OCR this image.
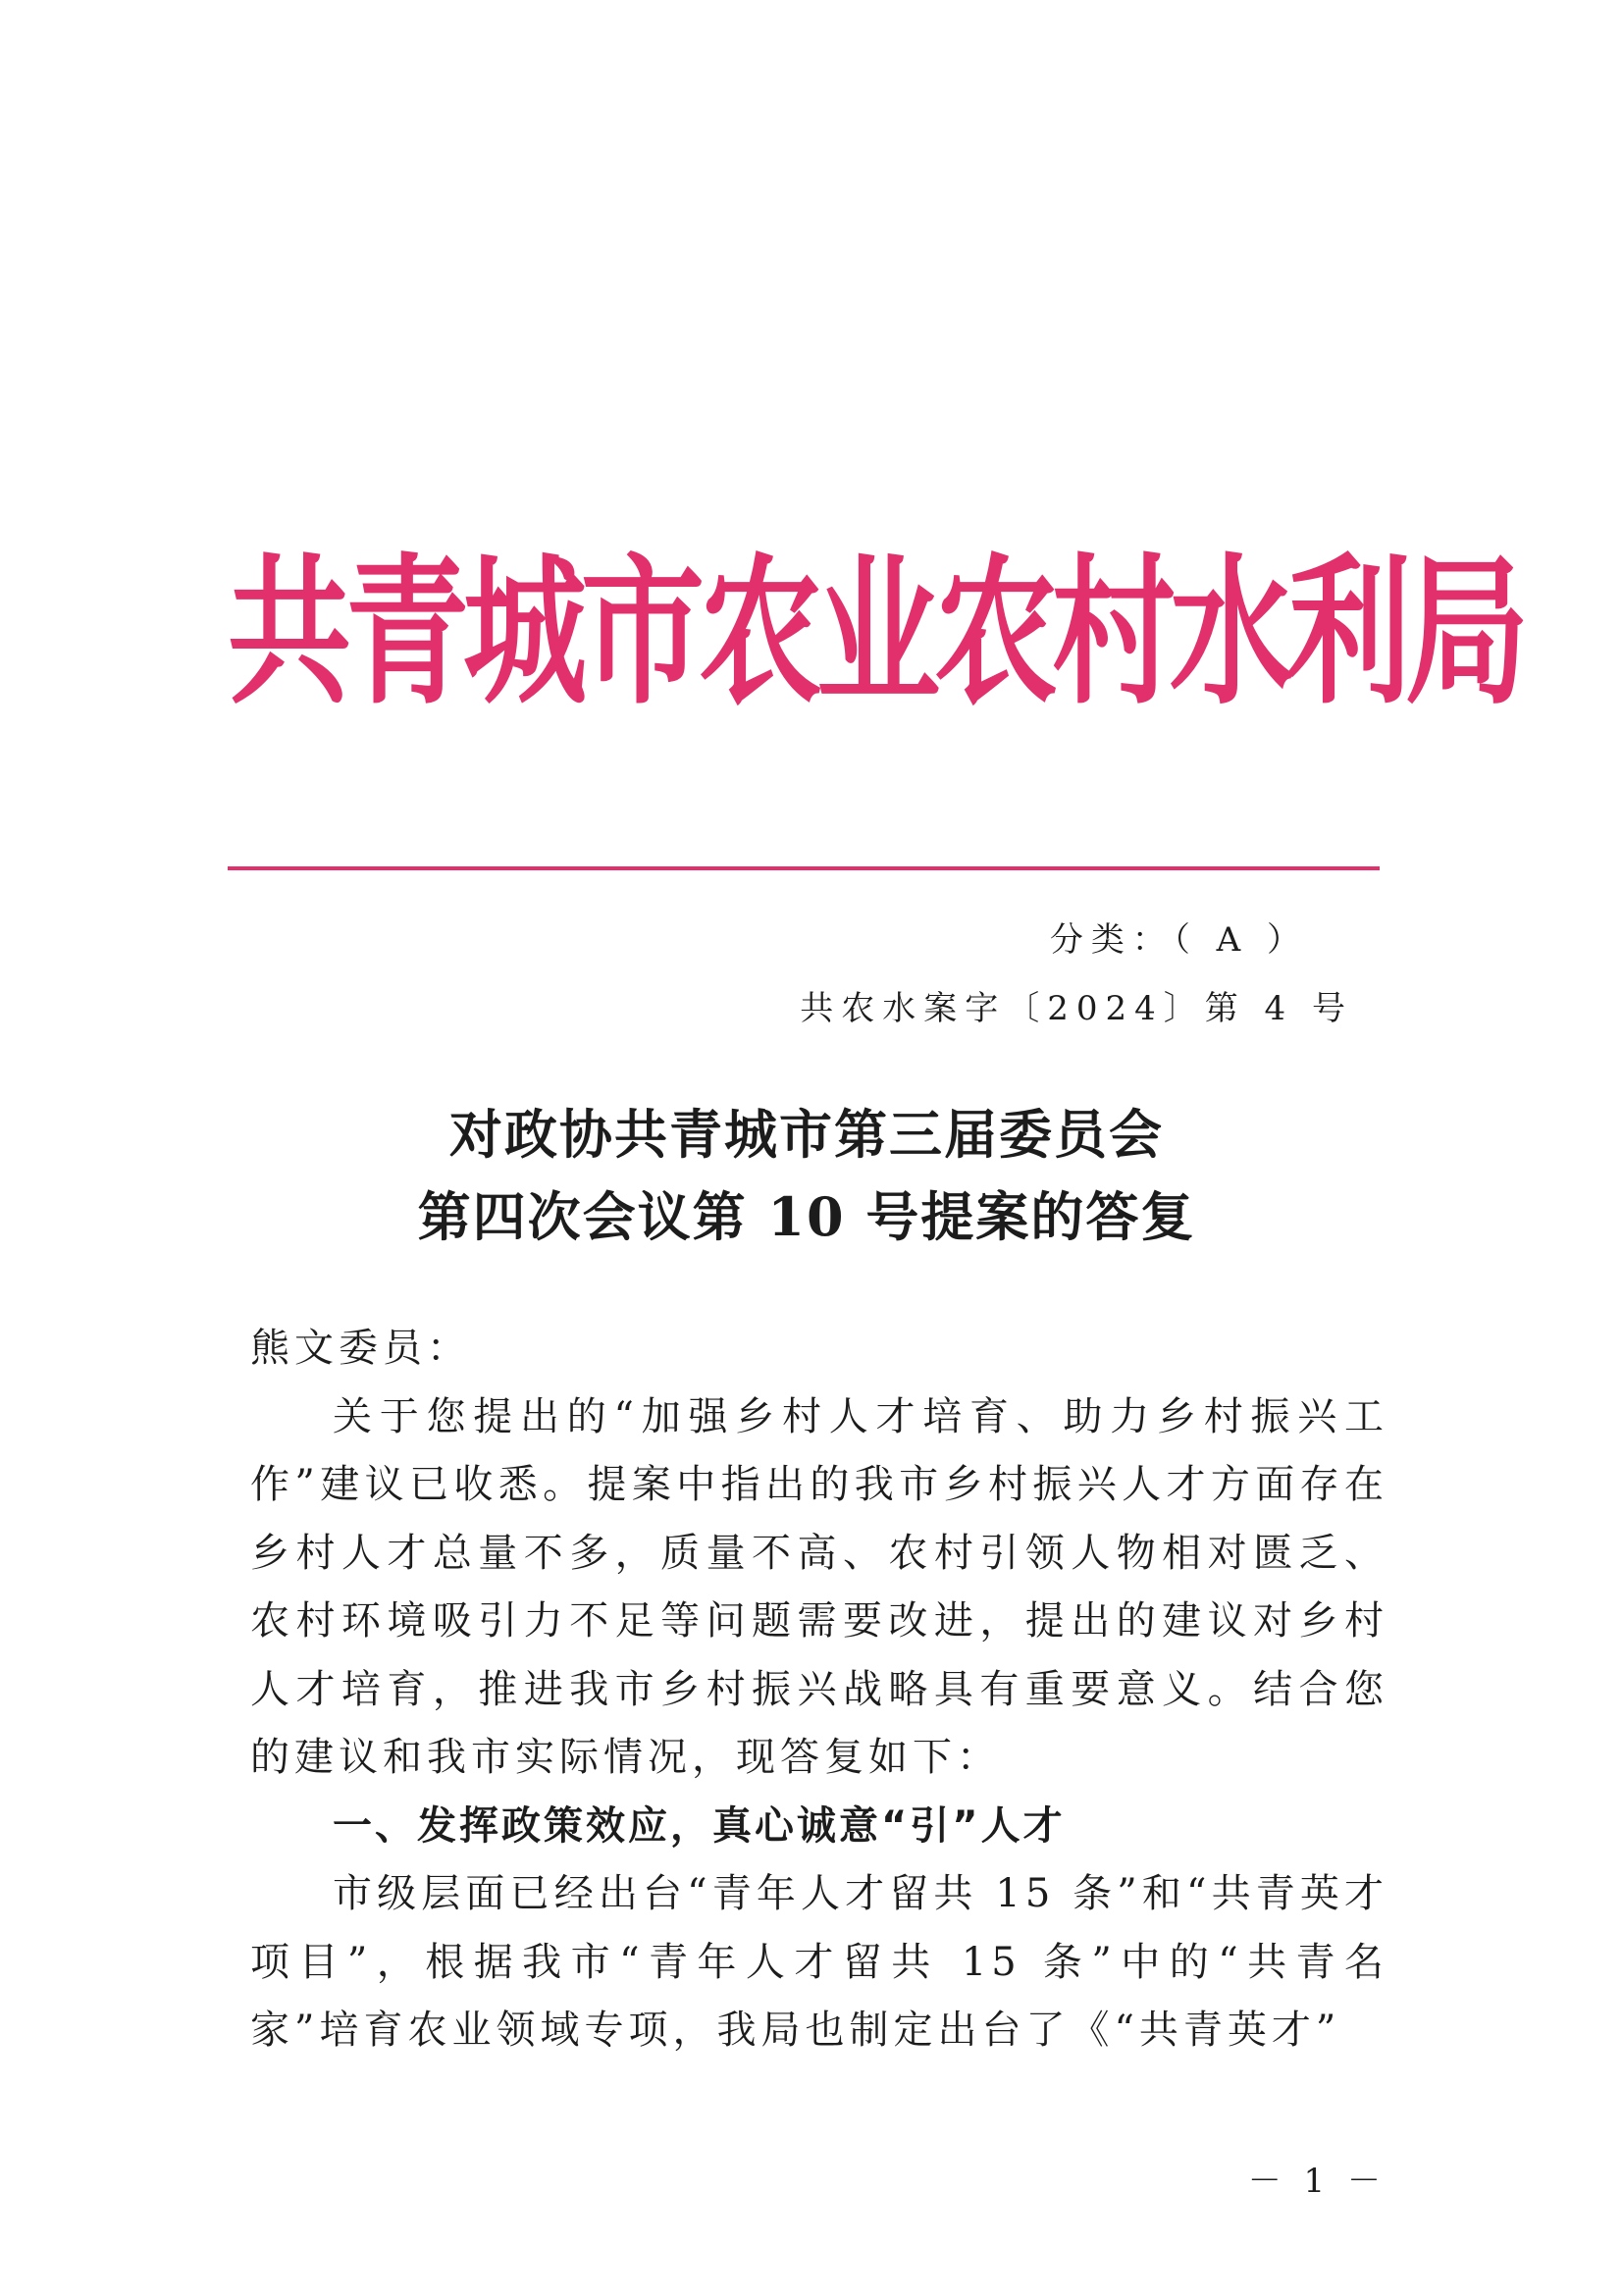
共青城市农业农村水利局
分类：（ A ）
共农水案字〔2024〕第 4 号
对政协共青城市第三届委员会
第四次会议第 10 号提案的答复

熊文委员：

关于您提出的“加强乡村人才培育、助力乡村振兴工作”建议已收悉。提案中指出的我市乡村振兴人才方面存在乡村人才总量不多，质量不高、农村引领人物相对匮乏、农村环境吸引力不足等问题需要改进，提出的建议对乡村人才培育，推进我市乡村振兴战略具有重要意义。结合您的建议和我市实际情况，现答复如下：

一、发挥政策效应，真心诚意“引”人才

市级层面已经出台“青年人才留共 15 条”和“共青英才项目”，根据我市“青年人才留共 15 条”中的“共青名家”培育农业领域专项，我局也制定出台了《“共青英才”

－ 1 －
